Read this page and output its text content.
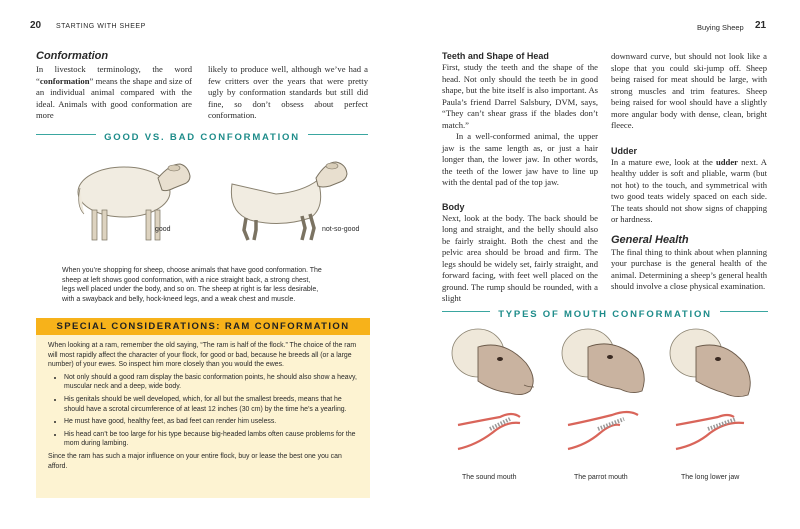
20 STARTING WITH SHEEP
Conformation
In livestock terminology, the word “conformation” means the shape and size of an individual animal compared with the ideal. Animals with good conformation are more
likely to produce well, although we’ve had a few critters over the years that were pretty ugly by conformation standards but still did fine, so don’t obsess about perfect conformation.
GOOD VS. BAD CONFORMATION
good	not-so-good
When you’re shopping for sheep, choose animals that have good conformation. The sheep at left shows good conformation, with a nice straight back, a strong chest, legs well placed under the body, and so on. The sheep at right is far less desirable, with a swayback and belly, hock-kneed legs, and a weak chest and muscle.
SPECIAL CONSIDERATIONS: RAM CONFORMATION

When looking at a ram, remember the old saying, “The ram is half of the flock.” The choice of the ram will most rapidly affect the character of your flock, for good or bad, because he breeds all (or a large number) of your ewes. So inspect him more closely than you would the ewes.

• Not only should a good ram display the basic conformation points, he should also show a heavy, muscular neck and a deep, wide body.
• His genitals should be well developed, which, for all but the smallest breeds, means that he should have a scrotal circumference of at least 12 inches (30 cm) by the time he’s a yearling.
• He must have good, healthy feet, as bad feet can render him useless.
• His head can’t be too large for his type because big-headed lambs often cause problems for the mom during lambing.

Since the ram has such a major influence on your entire flock, buy or lease the best one you can afford.

Buying Sheep 21
Teeth and Shape of Head

First, study the teeth and the shape of the head. Not only should the teeth be in good shape, but the bite itself is also important. As Paula’s friend Darrel Salsbury, DVM, says, “They can’t shear grass if the blades don’t match.”

In a well-conformed animal, the upper jaw is the same length as, or just a hair longer than, the lower jaw. In other words, the teeth of the lower jaw have to line up with the dental pad of the top jaw.

Body
Next, look at the body. The back should be long and straight, and the belly should also be fairly straight. Both the chest and the pelvic area should be broad and firm. The legs should be widely set, fairly straight, and forward facing, with feet well placed on the ground. The rump should be rounded, with a slight
downward curve, but should not look like a slope that you could ski-jump off. Sheep being raised for meat should be large, with strong muscles and trim features. Sheep being raised for wool should have a slightly more angular body with dense, clean, bright fleece.
Udder
In a mature ewe, look at the udder next. A healthy udder is soft and pliable, warm (but not hot) to the touch, and symmetrical with two good teats widely spaced on each side. The teats should not show signs of chapping or hardness.
General Health
The final thing to think about when planning your purchase is the general health of the animal. Determining a sheep’s general health should involve a close physical examination.
TYPES OF MOUTH CONFORMATION
The sound mouth	The parrot mouth	The long lower jaw
